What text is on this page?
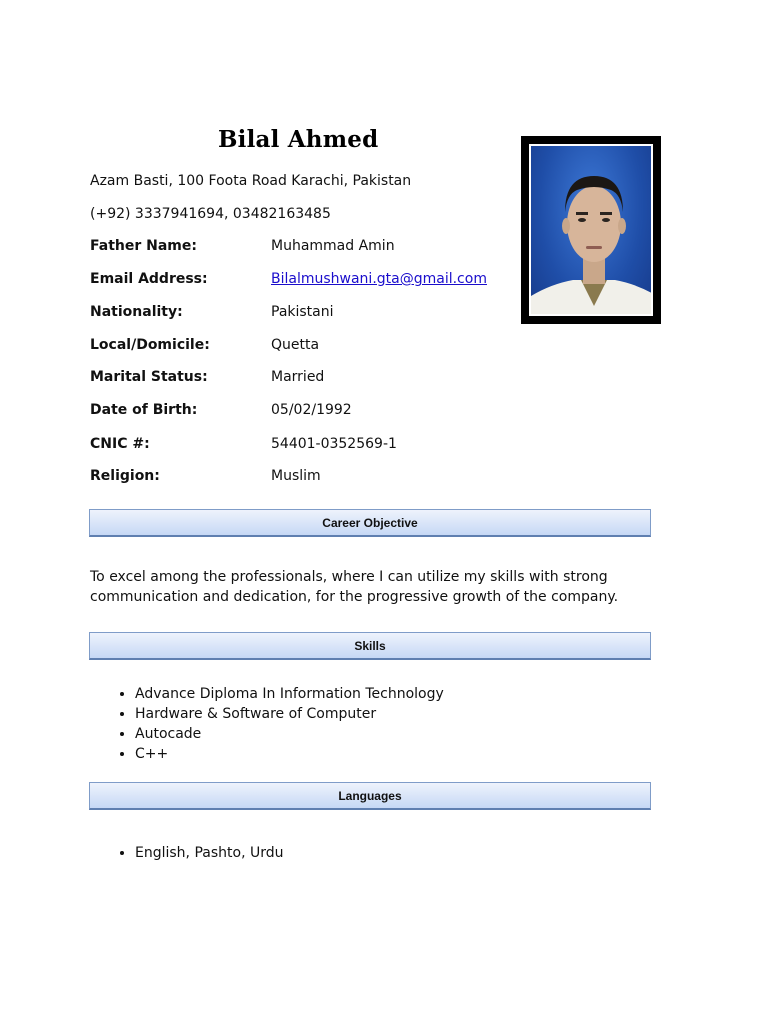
Bilal Ahmed
Azam Basti, 100 Foota Road Karachi, Pakistan
(+92) 3337941694, 03482163485
Father Name:	Muhammad Amin
Email Address:	Bilalmushwani.gta@gmail.com
Nationality:	Pakistani
Local/Domicile:	Quetta
Marital Status:	Married
Date of Birth:	05/02/1992
CNIC #:	54401-0352569-1
Religion:	Muslim
Career Objective
To excel among the professionals, where I can utilize my skills with strong communication and dedication, for the progressive growth of the company.
Skills
• Advance Diploma In Information Technology
• Hardware & Software of Computer
• Autocade
• C++
Languages
• English, Pashto, Urdu
